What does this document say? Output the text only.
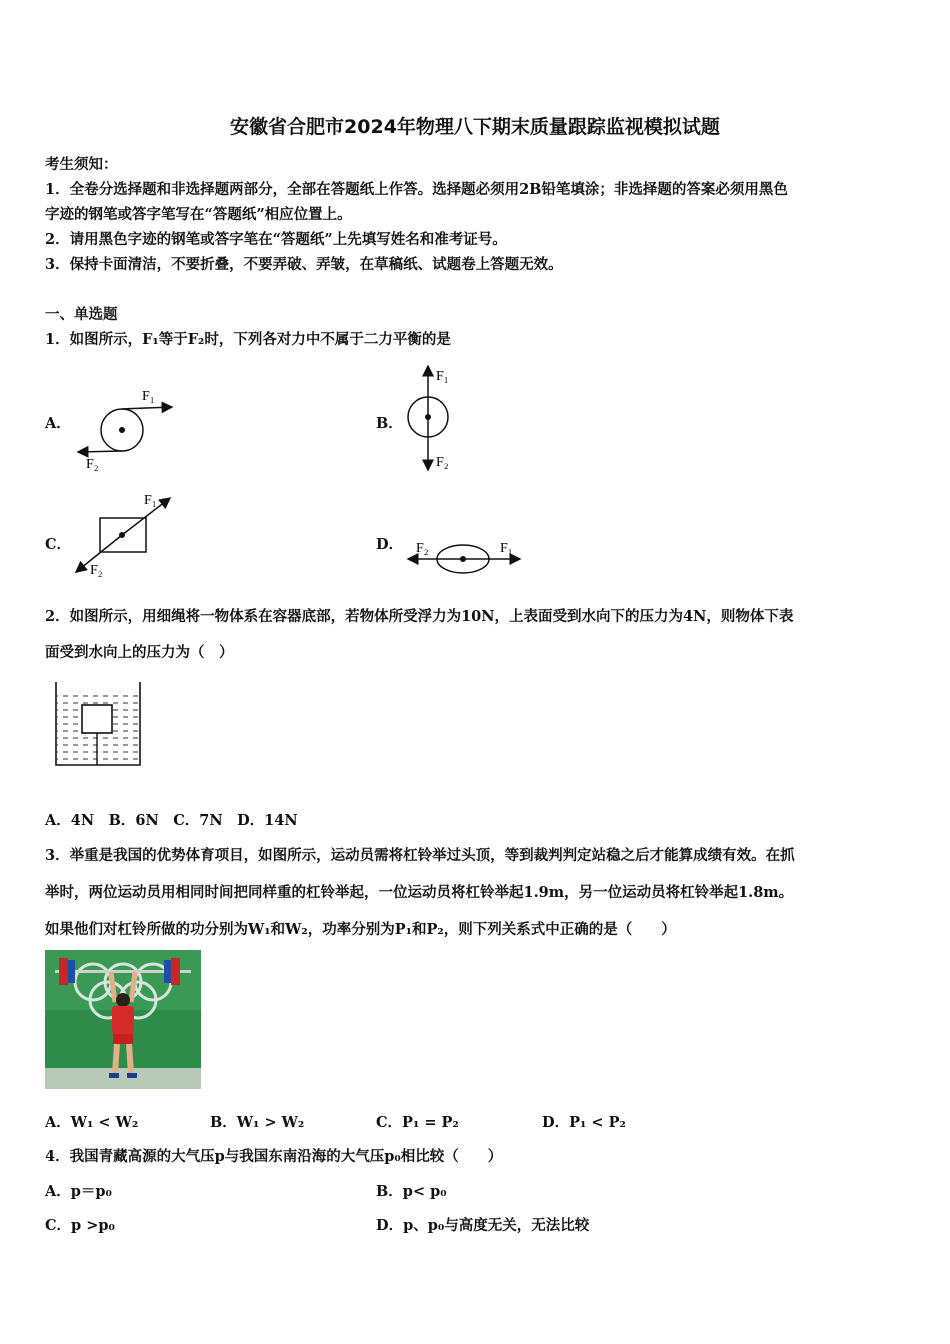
安徽省合肥市2024年物理八下期末质量跟踪监视模拟试题
考生须知：
1．全卷分选择题和非选择题两部分，全部在答题纸上作答。选择题必须用2B铅笔填涂；非选择题的答案必须用黑色
字迹的钢笔或答字笔写在“答题纸”相应位置上。
2．请用黑色字迹的钢笔或答字笔在“答题纸”上先填写姓名和准考证号。
3．保持卡面清洁，不要折叠，不要弄破、弄皱，在草稿纸、试题卷上答题无效。
一、单选题
1．如图所示，F₁等于F₂时，下列各对力中不属于二力平衡的是
A．	B．
C．	D．
F₁
F₂
F₁
F₂
F₁
F₂
F₁
F₂
2．如图所示，用细绳将一物体系在容器底部，若物体所受浮力为10N，上表面受到水向下的压力为4N，则物体下表
面受到水向上的压力为（　）
A．4N　B．6N　C．7N　D．14N
3．举重是我国的优势体育项目，如图所示，运动员需将杠铃举过头顶，等到裁判判定站稳之后才能算成绩有效。在抓
举时，两位运动员用相同时间把同样重的杠铃举起，一位运动员将杠铃举起1.9m，另一位运动员将杠铃举起1.8m。
如果他们对杠铃所做的功分别为W₁和W₂，功率分别为P₁和P₂，则下列关系式中正确的是（　　）
A．W₁ < W₂	B．W₁ > W₂	C．P₁ = P₂	D．P₁ < P₂
4．我国青藏高源的大气压p与我国东南沿海的大气压p₀相比较（　　）
A．p＝p₀	B．p< p₀
C．p >p₀	D．p、p₀与高度无关，无法比较
